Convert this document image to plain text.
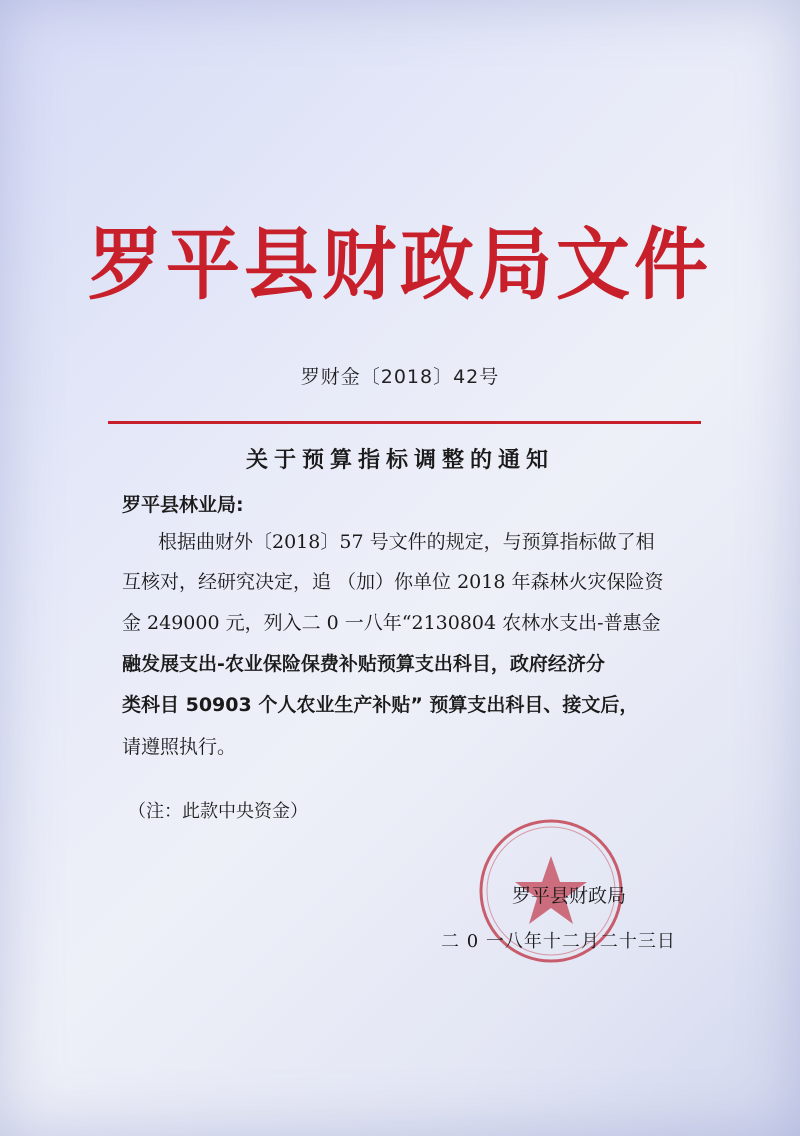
罗平县财政局文件
罗财金〔2018〕42号
关于预算指标调整的通知
罗平县林业局:
根据曲财外〔2018〕57 号文件的规定，与预算指标做了相
互核对，经研究决定，追 （加）你单位 2018 年森林火灾保险资
金 249000 元，列入二 0 一八年“2130804 农林水支出-普惠金
融发展支出-农业保险保费补贴预算支出科目，政府经济分
类科目 50903 个人农业生产补贴” 预算支出科目、接文后，
请遵照执行。
（注：此款中央资金）
罗平县财政局
二 0 一八年十二月二十三日
